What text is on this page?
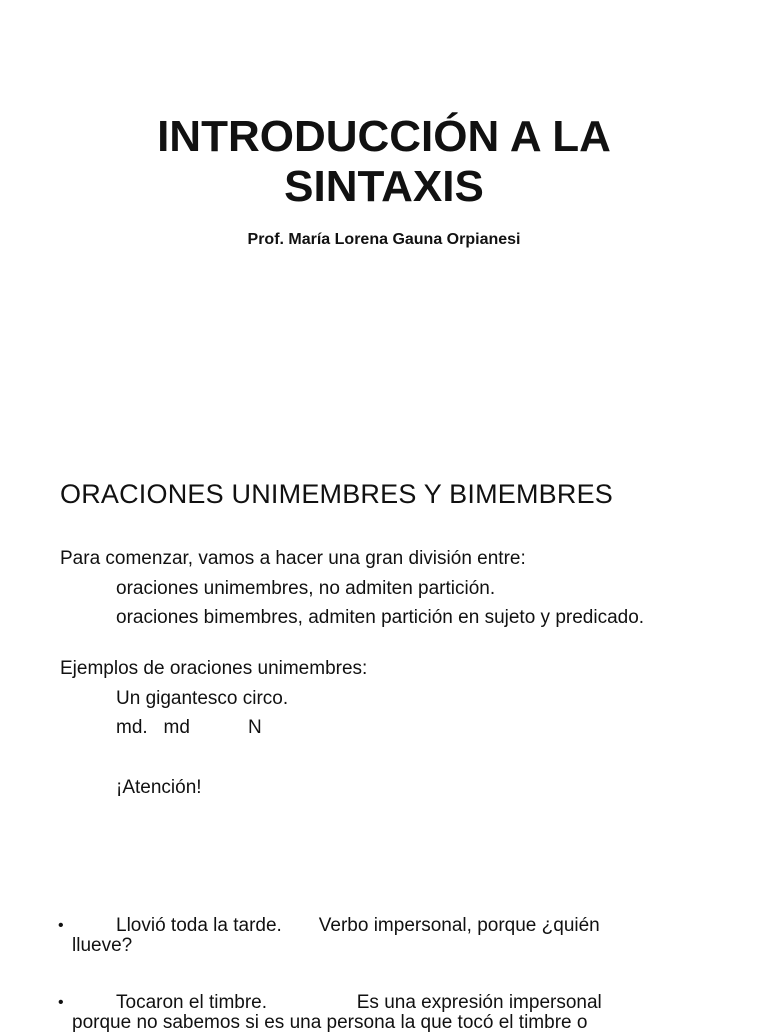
INTRODUCCIÓN A LA
SINTAXIS
Prof. María Lorena Gauna Orpianesi
ORACIONES UNIMEMBRES Y BIMEMBRES

Para comenzar, vamos a hacer una gran división entre:

oraciones unimembres, no admiten partición.

oraciones bimembres, admiten partición en sujeto y predicado.

Ejemplos de oraciones unimembres:

Un gigantesco circo.

md.   md           N

¡Atención!

•	Llovió toda la tarde.       Verbo impersonal, porque ¿quién
llueve?
•	Tocaron el timbre.                 Es una expresión impersonal
porque no sabemos si es una persona la que tocó el timbre o
